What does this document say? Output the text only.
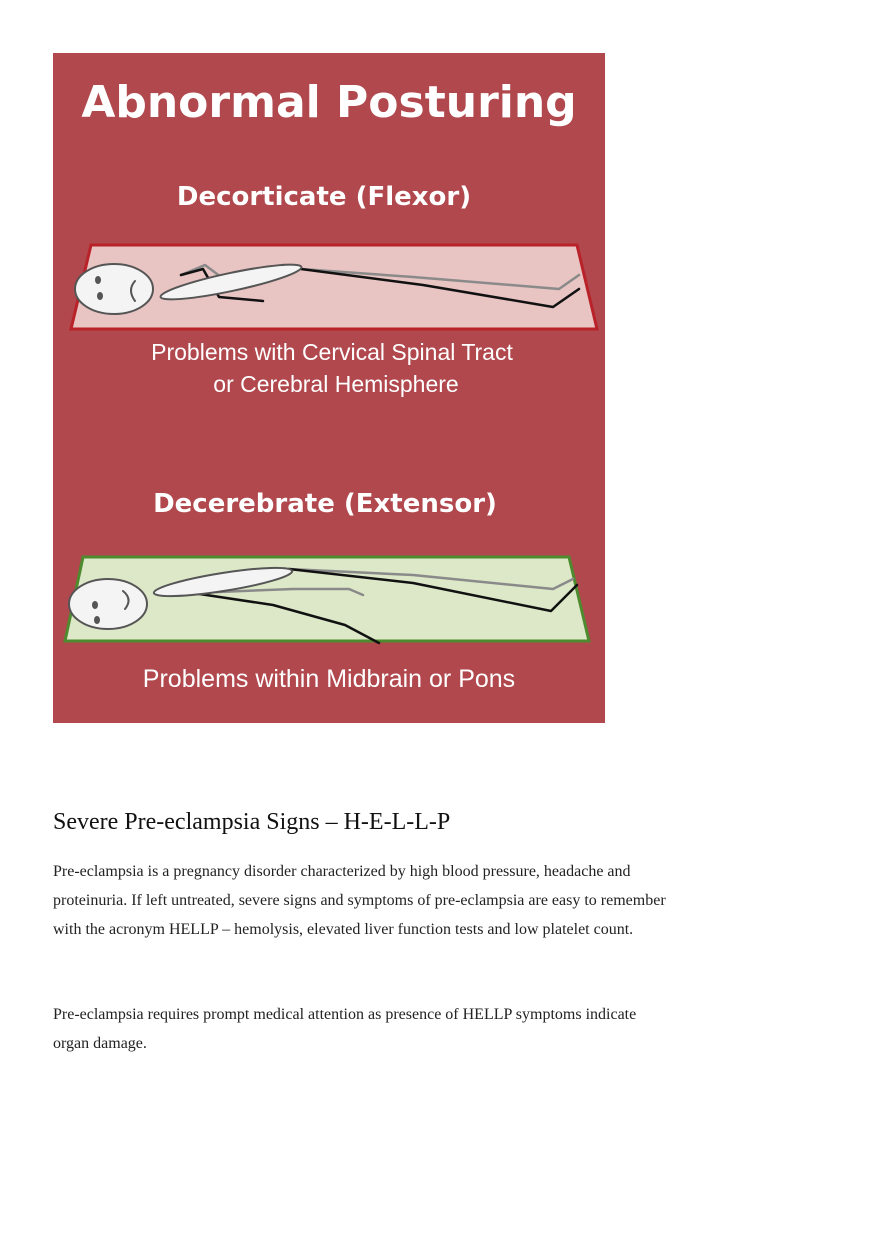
Abnormal Posturing
Decorticate (Flexor)
Problems with Cervical Spinal Tract
or Cerebral Hemisphere
Decerebrate (Extensor)
Problems within Midbrain or Pons
Severe Pre-eclampsia Signs – H-E-L-L-P

Pre-eclampsia is a pregnancy disorder characterized by high blood pressure, headache and proteinuria. If left untreated, severe signs and symptoms of pre-eclampsia are easy to remember with the acronym HELLP – hemolysis, elevated liver function tests and low platelet count.

Pre-eclampsia requires prompt medical attention as presence of HELLP symptoms indicate organ damage.
